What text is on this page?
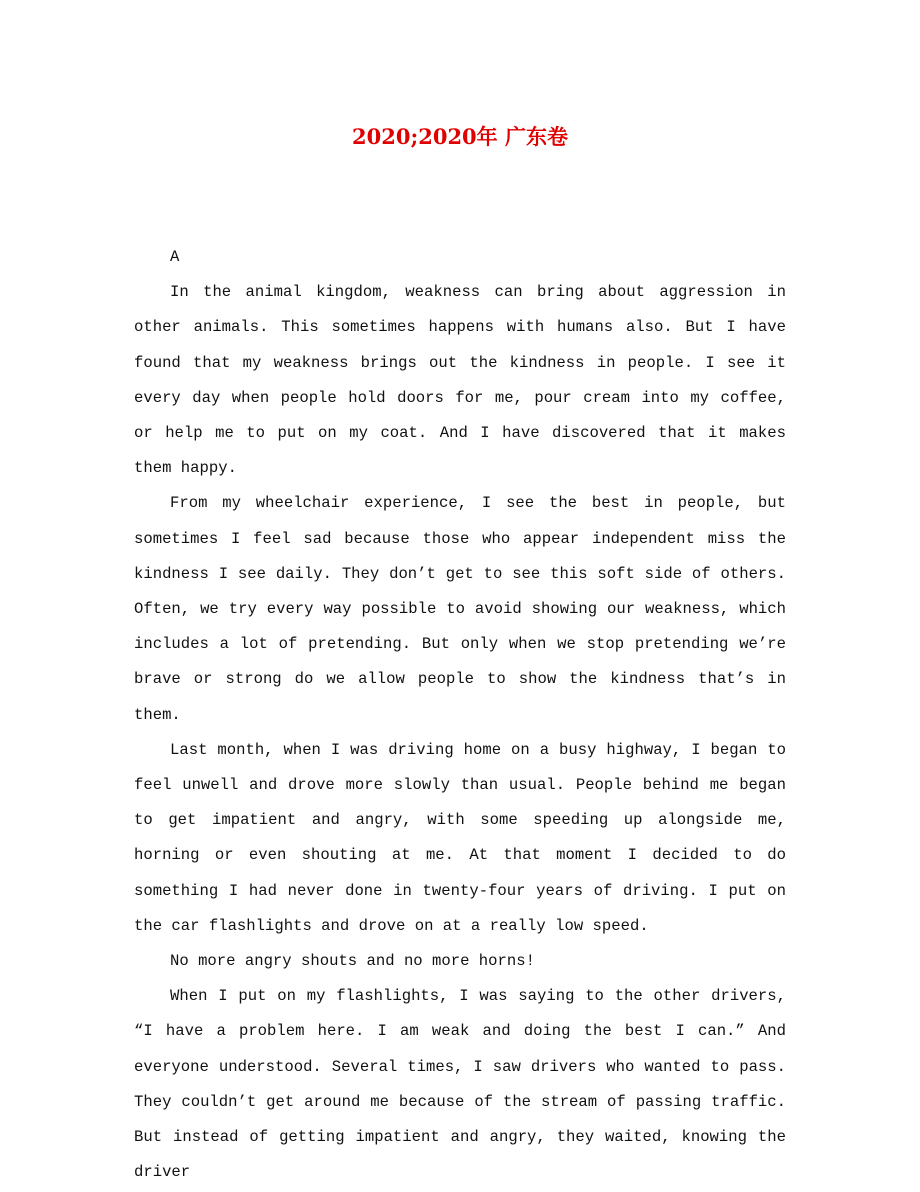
2020;2020年 广东卷

A

In the animal kingdom, weakness can bring about aggression in other animals. This sometimes happens with humans also. But I have found that my weakness brings out the kindness in people. I see it every day when people hold doors for me, pour cream into my coffee, or help me to put on my coat. And I have discovered that it makes them happy.

From my wheelchair experience, I see the best in people, but sometimes I feel sad because those who appear independent miss the kindness I see daily. They don’t get to see this soft side of others. Often, we try every way possible to avoid showing our weakness, which includes a lot of pretending. But only when we stop pretending we’re brave or strong do we allow people to show the kindness that’s in them.

Last month, when I was driving home on a busy highway, I began to feel unwell and drove more slowly than usual. People behind me began to get impatient and angry, with some speeding up alongside me, horning or even shouting at me. At that moment I decided to do something I had never done in twenty-four years of driving. I put on the car flashlights and drove on at a really low speed.

No more angry shouts and no more horns!

When I put on my flashlights, I was saying to the other drivers, “I have a problem here. I am weak and doing the best I can.” And everyone understood. Several times, I saw drivers who wanted to pass. They couldn’t get around me because of the stream of passing traffic. But instead of getting impatient and angry, they waited, knowing the driver
